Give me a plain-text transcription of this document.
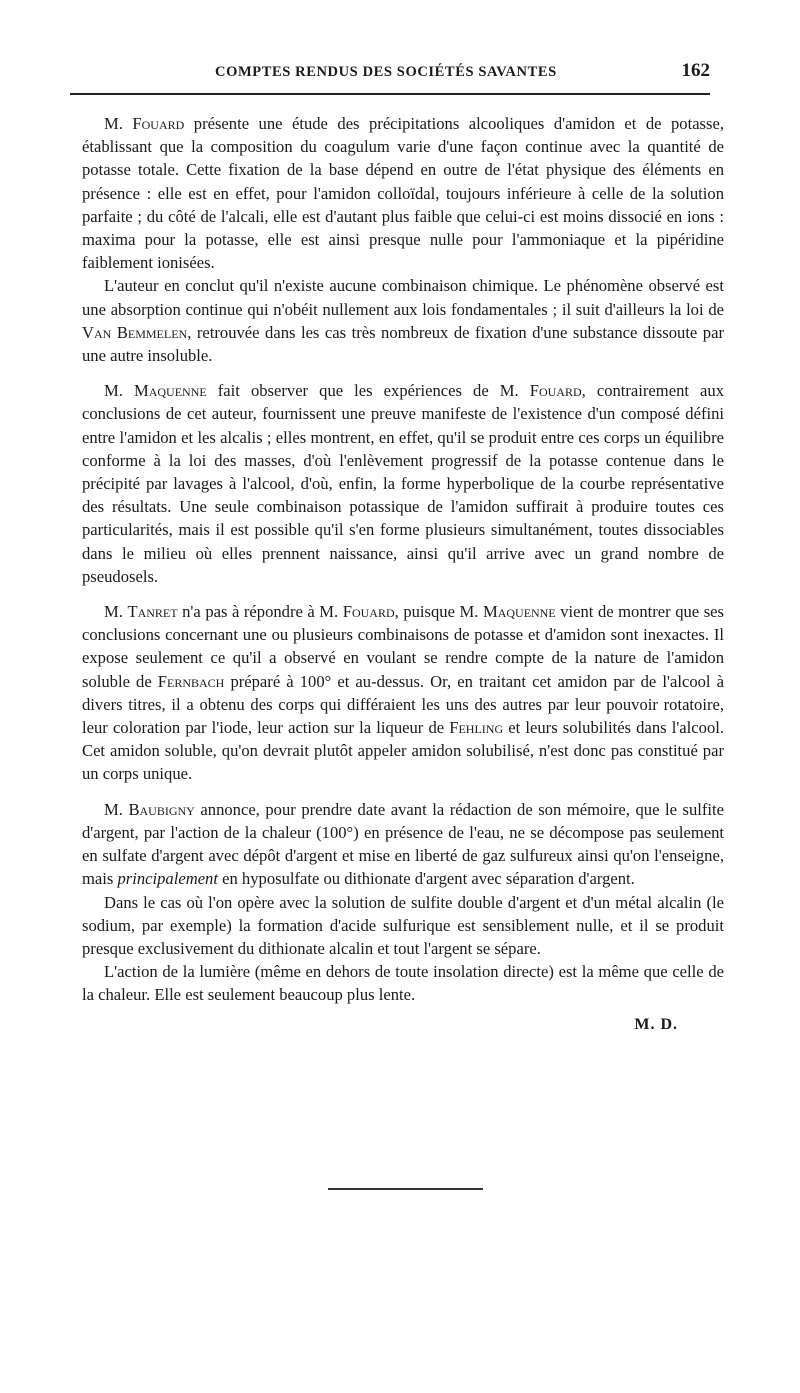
COMPTES RENDUS DES SOCIÉTÉS SAVANTES	162

M. Fouard présente une étude des précipitations alcooliques d'amidon et de potasse, établissant que la composition du coagulum varie d'une façon continue avec la quantité de potasse totale. Cette fixation de la base dépend en outre de l'état physique des éléments en présence : elle est en effet, pour l'amidon colloïdal, toujours inférieure à celle de la solution parfaite ; du côté de l'alcali, elle est d'autant plus faible que celui-ci est moins dissocié en ions : maxima pour la potasse, elle est ainsi presque nulle pour l'ammoniaque et la pipéridine faiblement ionisées.

L'auteur en conclut qu'il n'existe aucune combinaison chimique. Le phénomène observé est une absorption continue qui n'obéit nullement aux lois fondamentales ; il suit d'ailleurs la loi de Van Bemmelen, retrouvée dans les cas très nombreux de fixation d'une substance dissoute par une autre insoluble.

M. Maquenne fait observer que les expériences de M. Fouard, contrairement aux conclusions de cet auteur, fournissent une preuve manifeste de l'existence d'un composé défini entre l'amidon et les alcalis ; elles montrent, en effet, qu'il se produit entre ces corps un équilibre conforme à la loi des masses, d'où l'enlèvement progressif de la potasse contenue dans le précipité par lavages à l'alcool, d'où, enfin, la forme hyperbolique de la courbe représentative des résultats. Une seule combinaison potassique de l'amidon suffirait à produire toutes ces particularités, mais il est possible qu'il s'en forme plusieurs simultanément, toutes dissociables dans le milieu où elles prennent naissance, ainsi qu'il arrive avec un grand nombre de pseudosels.

M. Tanret n'a pas à répondre à M. Fouard, puisque M. Maquenne vient de montrer que ses conclusions concernant une ou plusieurs combinaisons de potasse et d'amidon sont inexactes. Il expose seulement ce qu'il a observé en voulant se rendre compte de la nature de l'amidon soluble de Fernbach préparé à 100° et au-dessus. Or, en traitant cet amidon par de l'alcool à divers titres, il a obtenu des corps qui différaient les uns des autres par leur pouvoir rotatoire, leur coloration par l'iode, leur action sur la liqueur de Fehling et leurs solubilités dans l'alcool. Cet amidon soluble, qu'on devrait plutôt appeler amidon solubilisé, n'est donc pas constitué par un corps unique.

M. Baubigny annonce, pour prendre date avant la rédaction de son mémoire, que le sulfite d'argent, par l'action de la chaleur (100°) en présence de l'eau, ne se décompose pas seulement en sulfate d'argent avec dépôt d'argent et mise en liberté de gaz sulfureux ainsi qu'on l'enseigne, mais principalement en hyposulfate ou dithionate d'argent avec séparation d'argent.

Dans le cas où l'on opère avec la solution de sulfite double d'argent et d'un métal alcalin (le sodium, par exemple) la formation d'acide sulfurique est sensiblement nulle, et il se produit presque exclusivement du dithionate alcalin et tout l'argent se sépare.

L'action de la lumière (même en dehors de toute insolation directe) est la même que celle de la chaleur. Elle est seulement beaucoup plus lente.

M. D.
